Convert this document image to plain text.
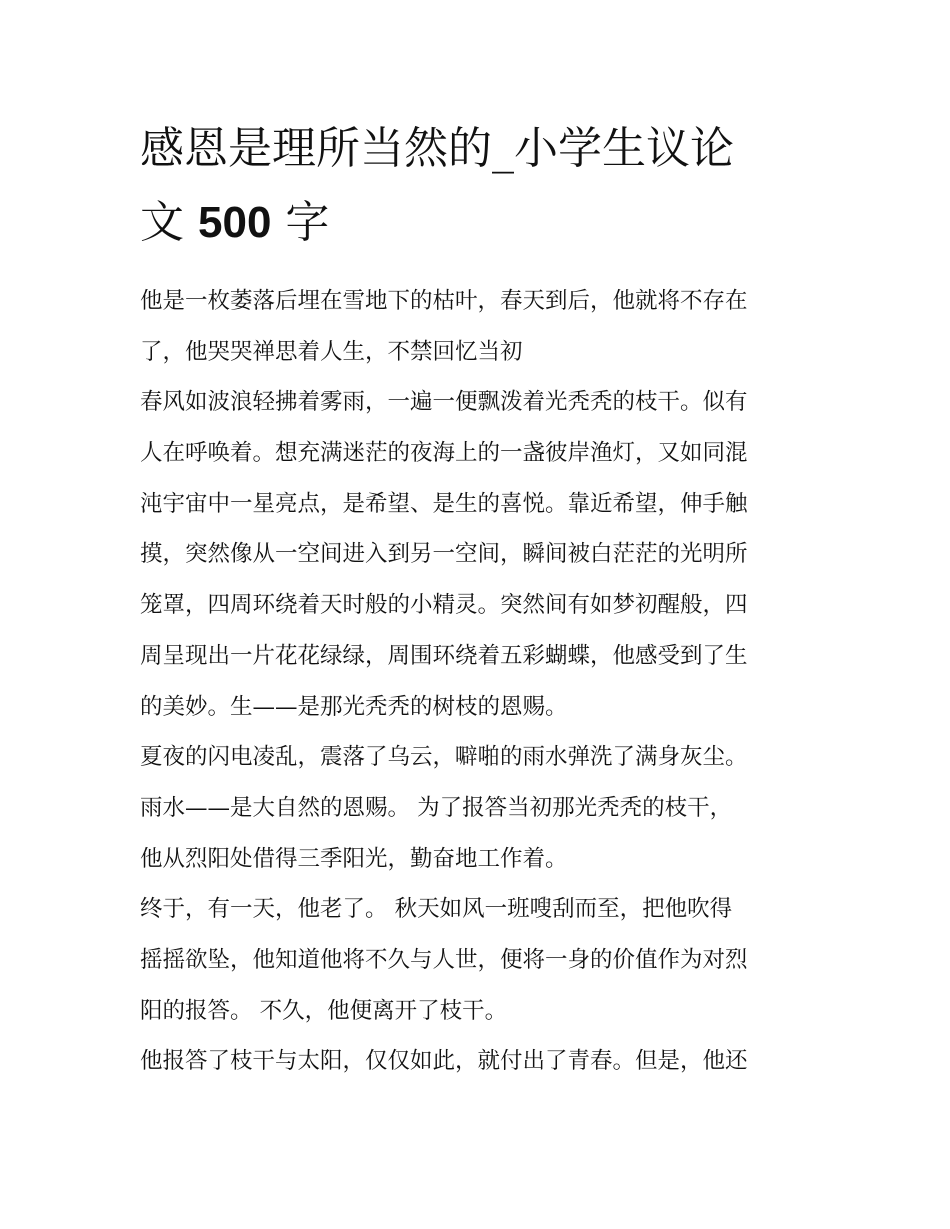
感恩是理所当然的_小学生议论
文 500 字
他是一枚萎落后埋在雪地下的枯叶，春天到后，他就将不存在
了，他哭哭禅思着人生，不禁回忆当初
春风如波浪轻拂着雾雨，一遍一便飘泼着光秃秃的枝干。似有
人在呼唤着。想充满迷茫的夜海上的一盏彼岸渔灯，又如同混
沌宇宙中一星亮点，是希望、是生的喜悦。靠近希望，伸手触
摸，突然像从一空间进入到另一空间，瞬间被白茫茫的光明所
笼罩，四周环绕着天时般的小精灵。突然间有如梦初醒般，四
周呈现出一片花花绿绿，周围环绕着五彩蝴蝶，他感受到了生
的美妙。生——是那光秃秃的树枝的恩赐。
夏夜的闪电凌乱，震落了乌云，噼啪的雨水弹洗了满身灰尘。
雨水——是大自然的恩赐。 为了报答当初那光秃秃的枝干，
他从烈阳处借得三季阳光，勤奋地工作着。
终于，有一天，他老了。 秋天如风一班嗖刮而至，把他吹得
摇摇欲坠，他知道他将不久与人世，便将一身的价值作为对烈
阳的报答。 不久，他便离开了枝干。
他报答了枝干与太阳，仅仅如此，就付出了青春。但是，他还
